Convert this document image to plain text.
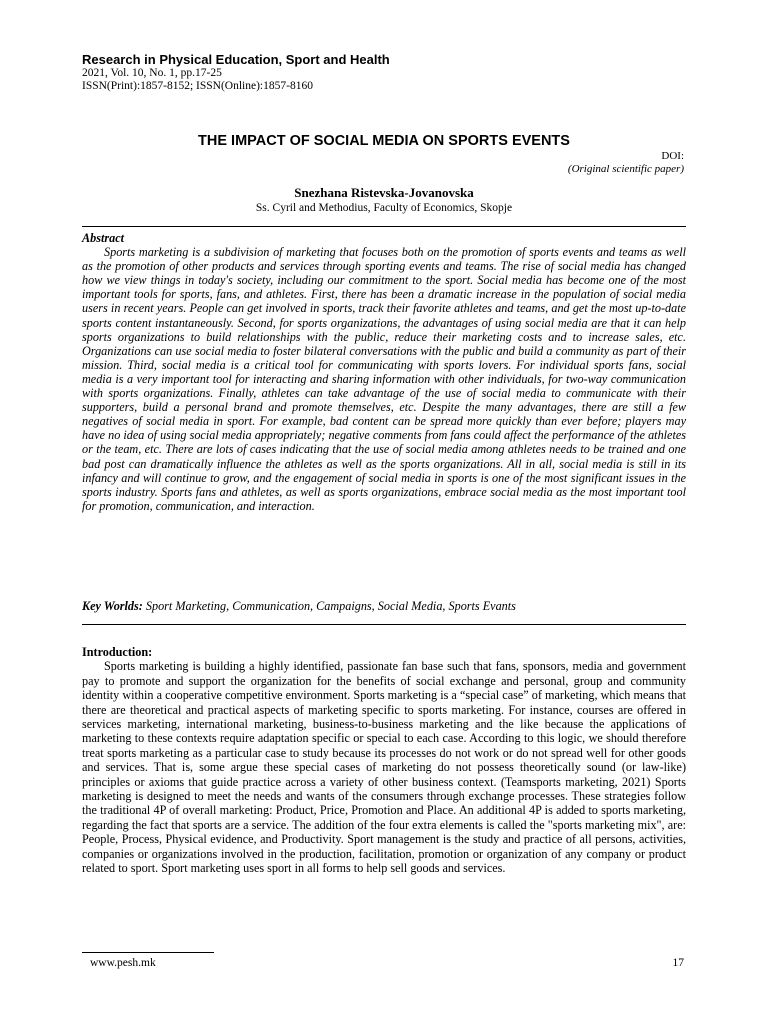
Research in Physical Education, Sport and Health
2021, Vol. 10, No. 1, pp.17-25
ISSN(Print):1857-8152; ISSN(Online):1857-8160
THE IMPACT OF SOCIAL MEDIA ON SPORTS EVENTS
DOI:
(Original scientific paper)
Snezhana Ristevska-Jovanovska
Ss. Cyril and Methodius, Faculty of Economics, Skopje
Abstract

Sports marketing is a subdivision of marketing that focuses both on the promotion of sports events and teams as well as the promotion of other products and services through sporting events and teams. The rise of social media has changed how we view things in today's society, including our commitment to the sport. Social media has become one of the most important tools for sports, fans, and athletes. First, there has been a dramatic increase in the population of social media users in recent years. People can get involved in sports, track their favorite athletes and teams, and get the most up-to-date sports content instantaneously. Second, for sports organizations, the advantages of using social media are that it can help sports organizations to build relationships with the public, reduce their marketing costs and to increase sales, etc. Organizations can use social media to foster bilateral conversations with the public and build a community as part of their mission. Third, social media is a critical tool for communicating with sports lovers. For individual sports fans, social media is a very important tool for interacting and sharing information with other individuals, for two-way communication with sports organizations. Finally, athletes can take advantage of the use of social media to communicate with their supporters, build a personal brand and promote themselves, etc. Despite the many advantages, there are still a few negatives of social media in sport. For example, bad content can be spread more quickly than ever before; players may have no idea of using social media appropriately; negative comments from fans could affect the performance of the athletes or the team, etc. There are lots of cases indicating that the use of social media among athletes needs to be trained and one bad post can dramatically influence the athletes as well as the sports organizations. All in all, social media is still in its infancy and will continue to grow, and the engagement of social media in sports is one of the most significant issues in the sports industry. Sports fans and athletes, as well as sports organizations, embrace social media as the most important tool for promotion, communication, and interaction.

Key Worlds: Sport Marketing, Communication, Campaigns, Social Media, Sports Evants
Introduction:

Sports marketing is building a highly identified, passionate fan base such that fans, sponsors, media and government pay to promote and support the organization for the benefits of social exchange and personal, group and community identity within a cooperative competitive environment. Sports marketing is a “special case” of marketing, which means that there are theoretical and practical aspects of marketing specific to sports marketing. For instance, courses are offered in services marketing, international marketing, business-to-business marketing and the like because the applications of marketing to these contexts require adaptation specific or special to each case. According to this logic, we should therefore treat sports marketing as a particular case to study because its processes do not work or do not spread well for other goods and services. That is, some argue these special cases of marketing do not possess theoretically sound (or law-like) principles or axioms that guide practice across a variety of other business context. (Teamsports marketing, 2021) Sports marketing is designed to meet the needs and wants of the consumers through exchange processes. These strategies follow the traditional 4P of overall marketing: Product, Price, Promotion and Place. An additional 4P is added to sports marketing, regarding the fact that sports are a service. The addition of the four extra elements is called the "sports marketing mix", are: People, Process, Physical evidence, and Productivity. Sport management is the study and practice of all persons, activities, companies or organizations involved in the production, facilitation, promotion or organization of any company or product related to sport. Sport marketing uses sport in all forms to help sell goods and services.

www.pesh.mk	17
